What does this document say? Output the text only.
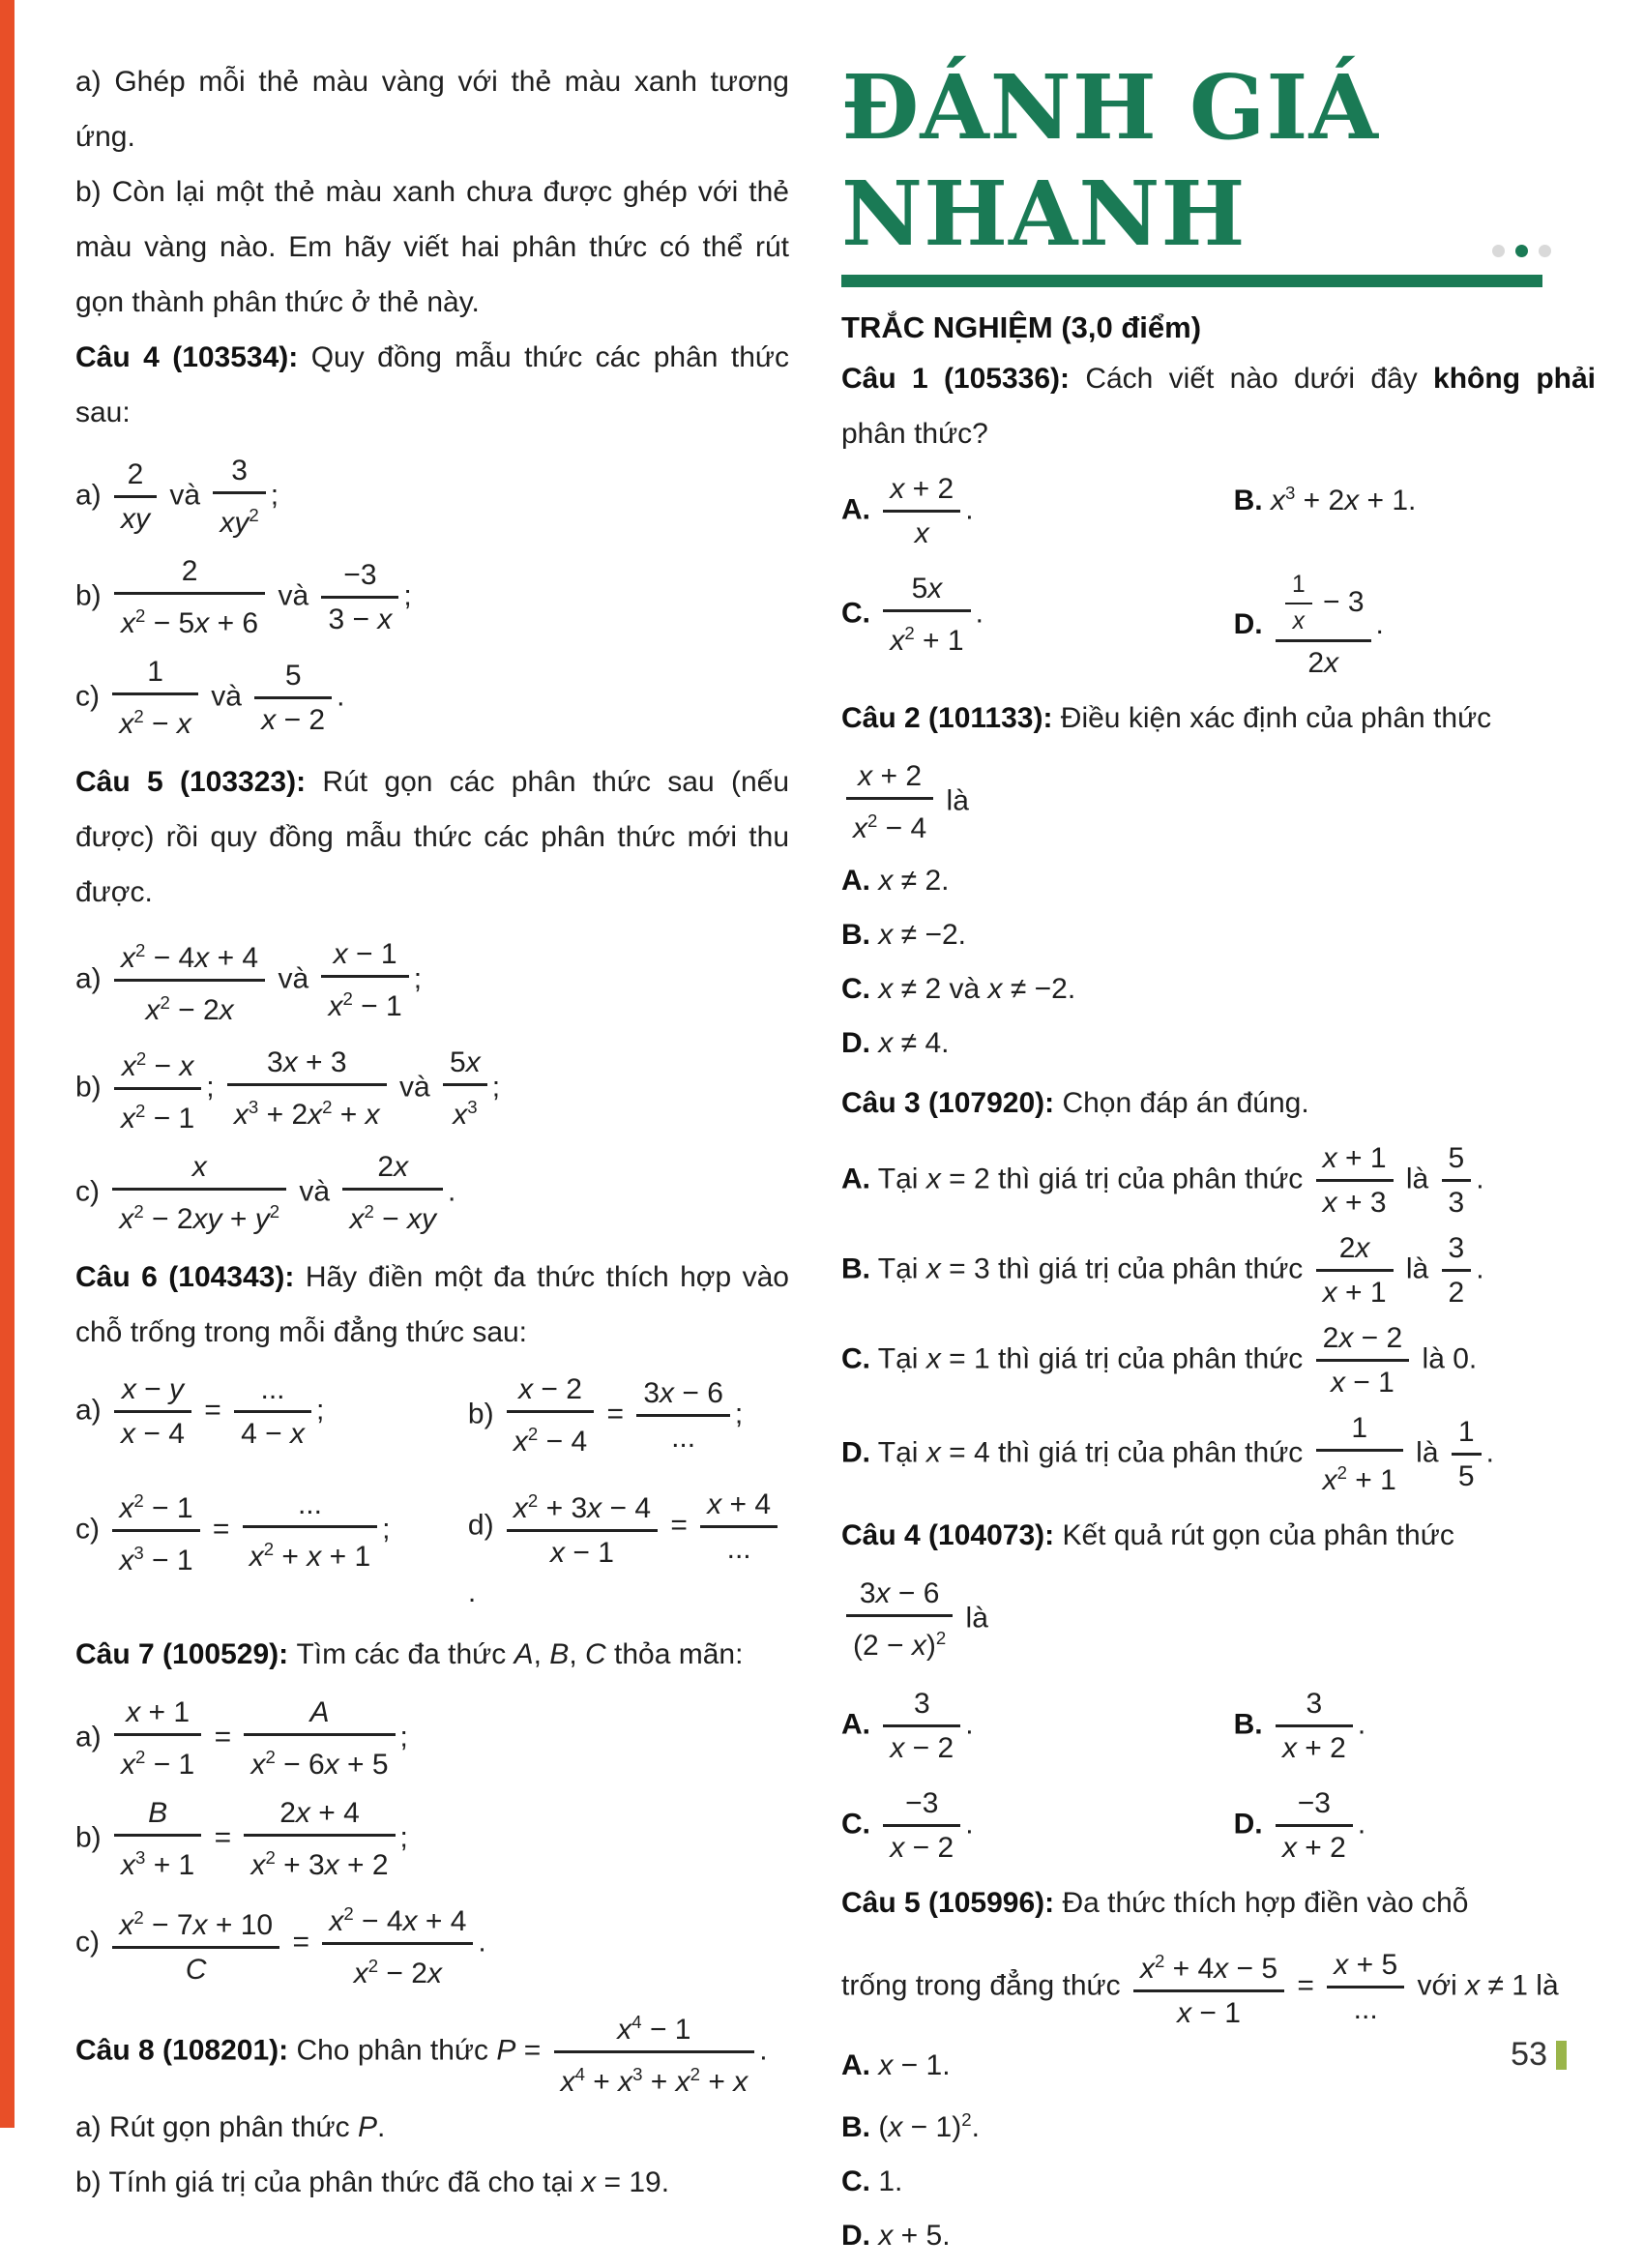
a) Ghép mỗi thẻ màu vàng với thẻ màu xanh tương ứng.
b) Còn lại một thẻ màu xanh chưa được ghép với thẻ màu vàng nào. Em hãy viết hai phân thức có thể rút gọn thành phân thức ở thẻ này.
Câu 4 (103534): Quy đồng mẫu thức các phân thức sau:
$a) \frac{2}{xy}$ và $\frac{3}{xy^2}$ ;
$b) \frac{2}{x^2 - 5x + 6}$ và $\frac{-3}{3 - x}$ ;
$c) \frac{1}{x^2 - x}$ và $\frac{5}{x - 2}$ .
Câu 5 (103323): Rút gọn các phân thức sau (nếu được) rồi quy đồng mẫu thức các phân thức mới thu được.
$a) \frac{x^2 - 4x + 4}{x^2 - 2x}$ và $\frac{x - 1}{x^2 - 1}$ ;
$b) \frac{x^2 - x}{x^2 - 1}$ ; $\frac{3x + 3}{x^3 + 2x^2 + x}$ và $\frac{5x}{x^3}$ ;
$c) \frac{x}{x^2 - 2xy + y^2}$ và $\frac{2x}{x^2 - xy}$ .
Câu 6 (104343): Hãy điền một đa thức thích hợp vào chỗ trống trong mỗi đẳng thức sau:
$a) \frac{x - y}{x - 4} = \frac{...}{4 - x}$ ;	$b) \frac{x - 2}{x^2 - 4} = \frac{3x - 6}{...}$ ;
$c) \frac{x^2 - 1}{x^3 - 1} = \frac{...}{x^2 + x + 1}$ ;	$d) \frac{x^2 + 3x - 4}{x - 1} = \frac{x + 4}{...}$
.
Câu 7 (100529): Tìm các đa thức A, B, C thỏa mãn:
$a) \frac{x + 1}{x^2 - 1} = \frac{A}{x^2 - 6x + 5}$ ;
$b) \frac{B}{x^3 + 1} = \frac{2x + 4}{x^2 + 3x + 2}$ ;
$c) \frac{x^2 - 7x + 10}{C} = \frac{x^2 - 4x + 4}{x^2 - 2x}$ .
Câu 8 (108201): Cho phân thức $P = \frac{x^4 - 1}{x^4 + x^3 + x^2 + x}$ .
a) Rút gọn phân thức P.
b) Tính giá trị của phân thức đã cho tại x = 19.
ĐÁNH GIÁ
NHANH
TRẮC NGHIỆM (3,0 điểm)
Câu 1 (105336): Cách viết nào dưới đây không phải phân thức?
A. $\frac{x + 2}{x}$ .	B. $x^3 + 2x + 1$.
C. $\frac{5x}{x^2 + 1}$ .	D. $\frac{\frac{1}{x} - 3}{2x}$ .
Câu 2 (101133): Điều kiện xác định của phân thức
$\frac{x + 2}{x^2 - 4}$ là
A. x ≠ 2.
B. x ≠ −2.
C. x ≠ 2 và x ≠ −2.
D. x ≠ 4.
Câu 3 (107920): Chọn đáp án đúng.
A. Tại x = 2 thì giá trị của phân thức $\frac{x + 1}{x + 3}$ là $\frac{5}{3}$ .
B. Tại x = 3 thì giá trị của phân thức $\frac{2x}{x + 1}$ là $\frac{3}{2}$ .
C. Tại x = 1 thì giá trị của phân thức $\frac{2x - 2}{x - 1}$ là 0.
D. Tại x = 4 thì giá trị của phân thức $\frac{1}{x^2 + 1}$ là $\frac{1}{5}$ .
Câu 4 (104073): Kết quả rút gọn của phân thức
$\frac{3x - 6}{(2 - x)^2}$ là
A. $\frac{3}{x - 2}$ .	B. $\frac{3}{x + 2}$ .
C. $\frac{-3}{x - 2}$ .	D. $\frac{-3}{x + 2}$ .
Câu 5 (105996): Đa thức thích hợp điền vào chỗ
trống trong đẳng thức $\frac{x^2 + 4x - 5}{x - 1} = \frac{x + 5}{...}$ với x ≠ 1 là
A. x − 1.
B. $(x - 1)^2$.
C. 1.
D. x + 5.
53
